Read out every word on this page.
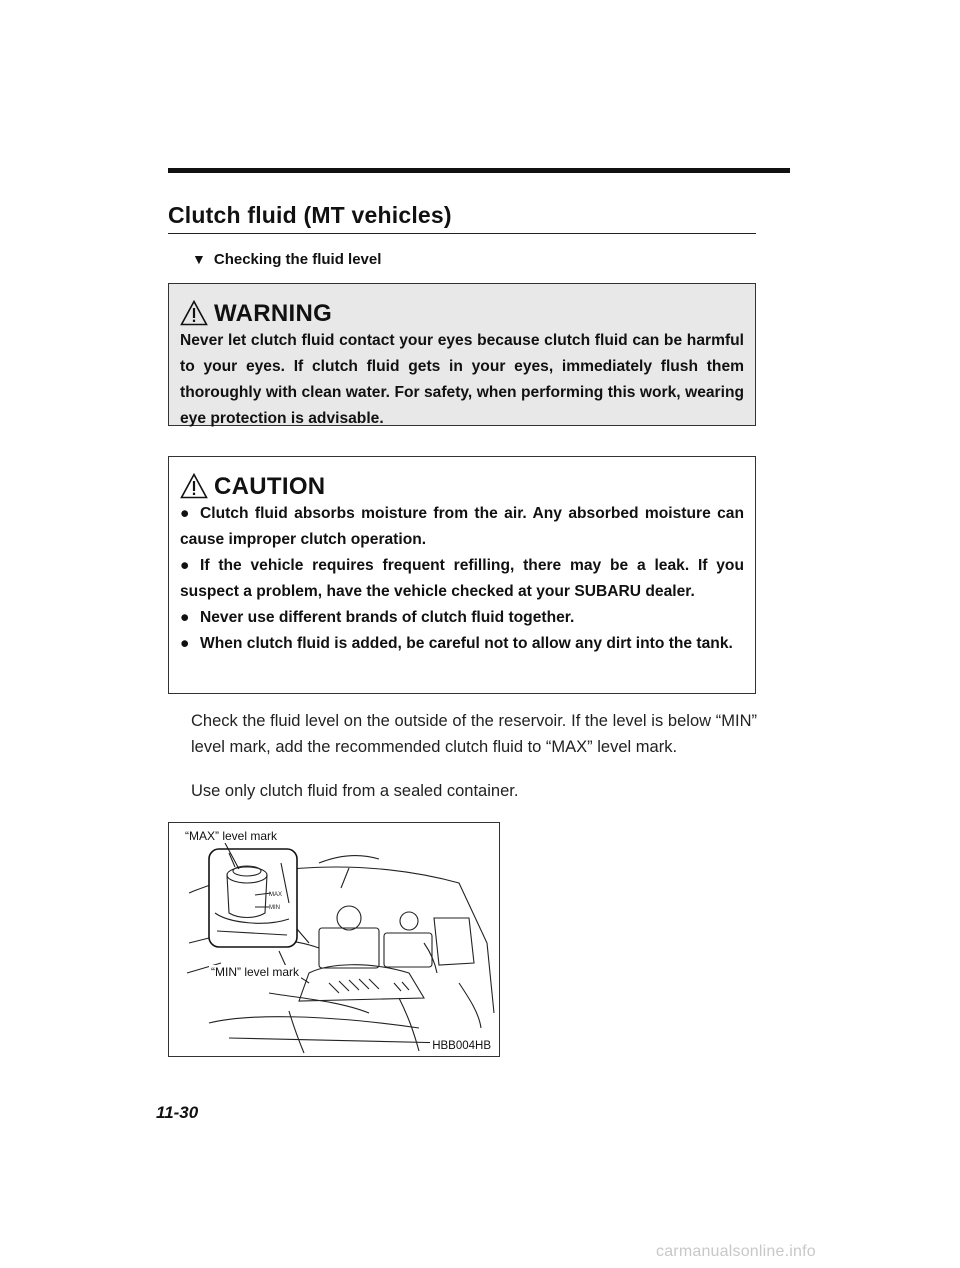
Clutch fluid (MT vehicles)
▼ Checking the fluid level
WARNING

Never let clutch fluid contact your eyes because clutch fluid can be harmful to your eyes. If clutch fluid gets in your eyes, immediately flush them thoroughly with clean water. For safety, when performing this work, wearing eye protection is advisable.

CAUTION
● Clutch fluid absorbs moisture from the air. Any absorbed moisture can cause improper clutch operation.
● If the vehicle requires frequent refilling, there may be a leak. If you suspect a problem, have the vehicle checked at your SUBARU dealer.
● Never use different brands of clutch fluid together.
● When clutch fluid is added, be careful not to allow any dirt into the tank.

Check the fluid level on the outside of the reservoir. If the level is below “MIN” level mark, add the recommended clutch fluid to “MAX” level mark.

Use only clutch fluid from a sealed container.

MAX
MIN
“MAX” level mark
“MIN” level mark
HBB004HB
11-30
carmanualsonline.info
